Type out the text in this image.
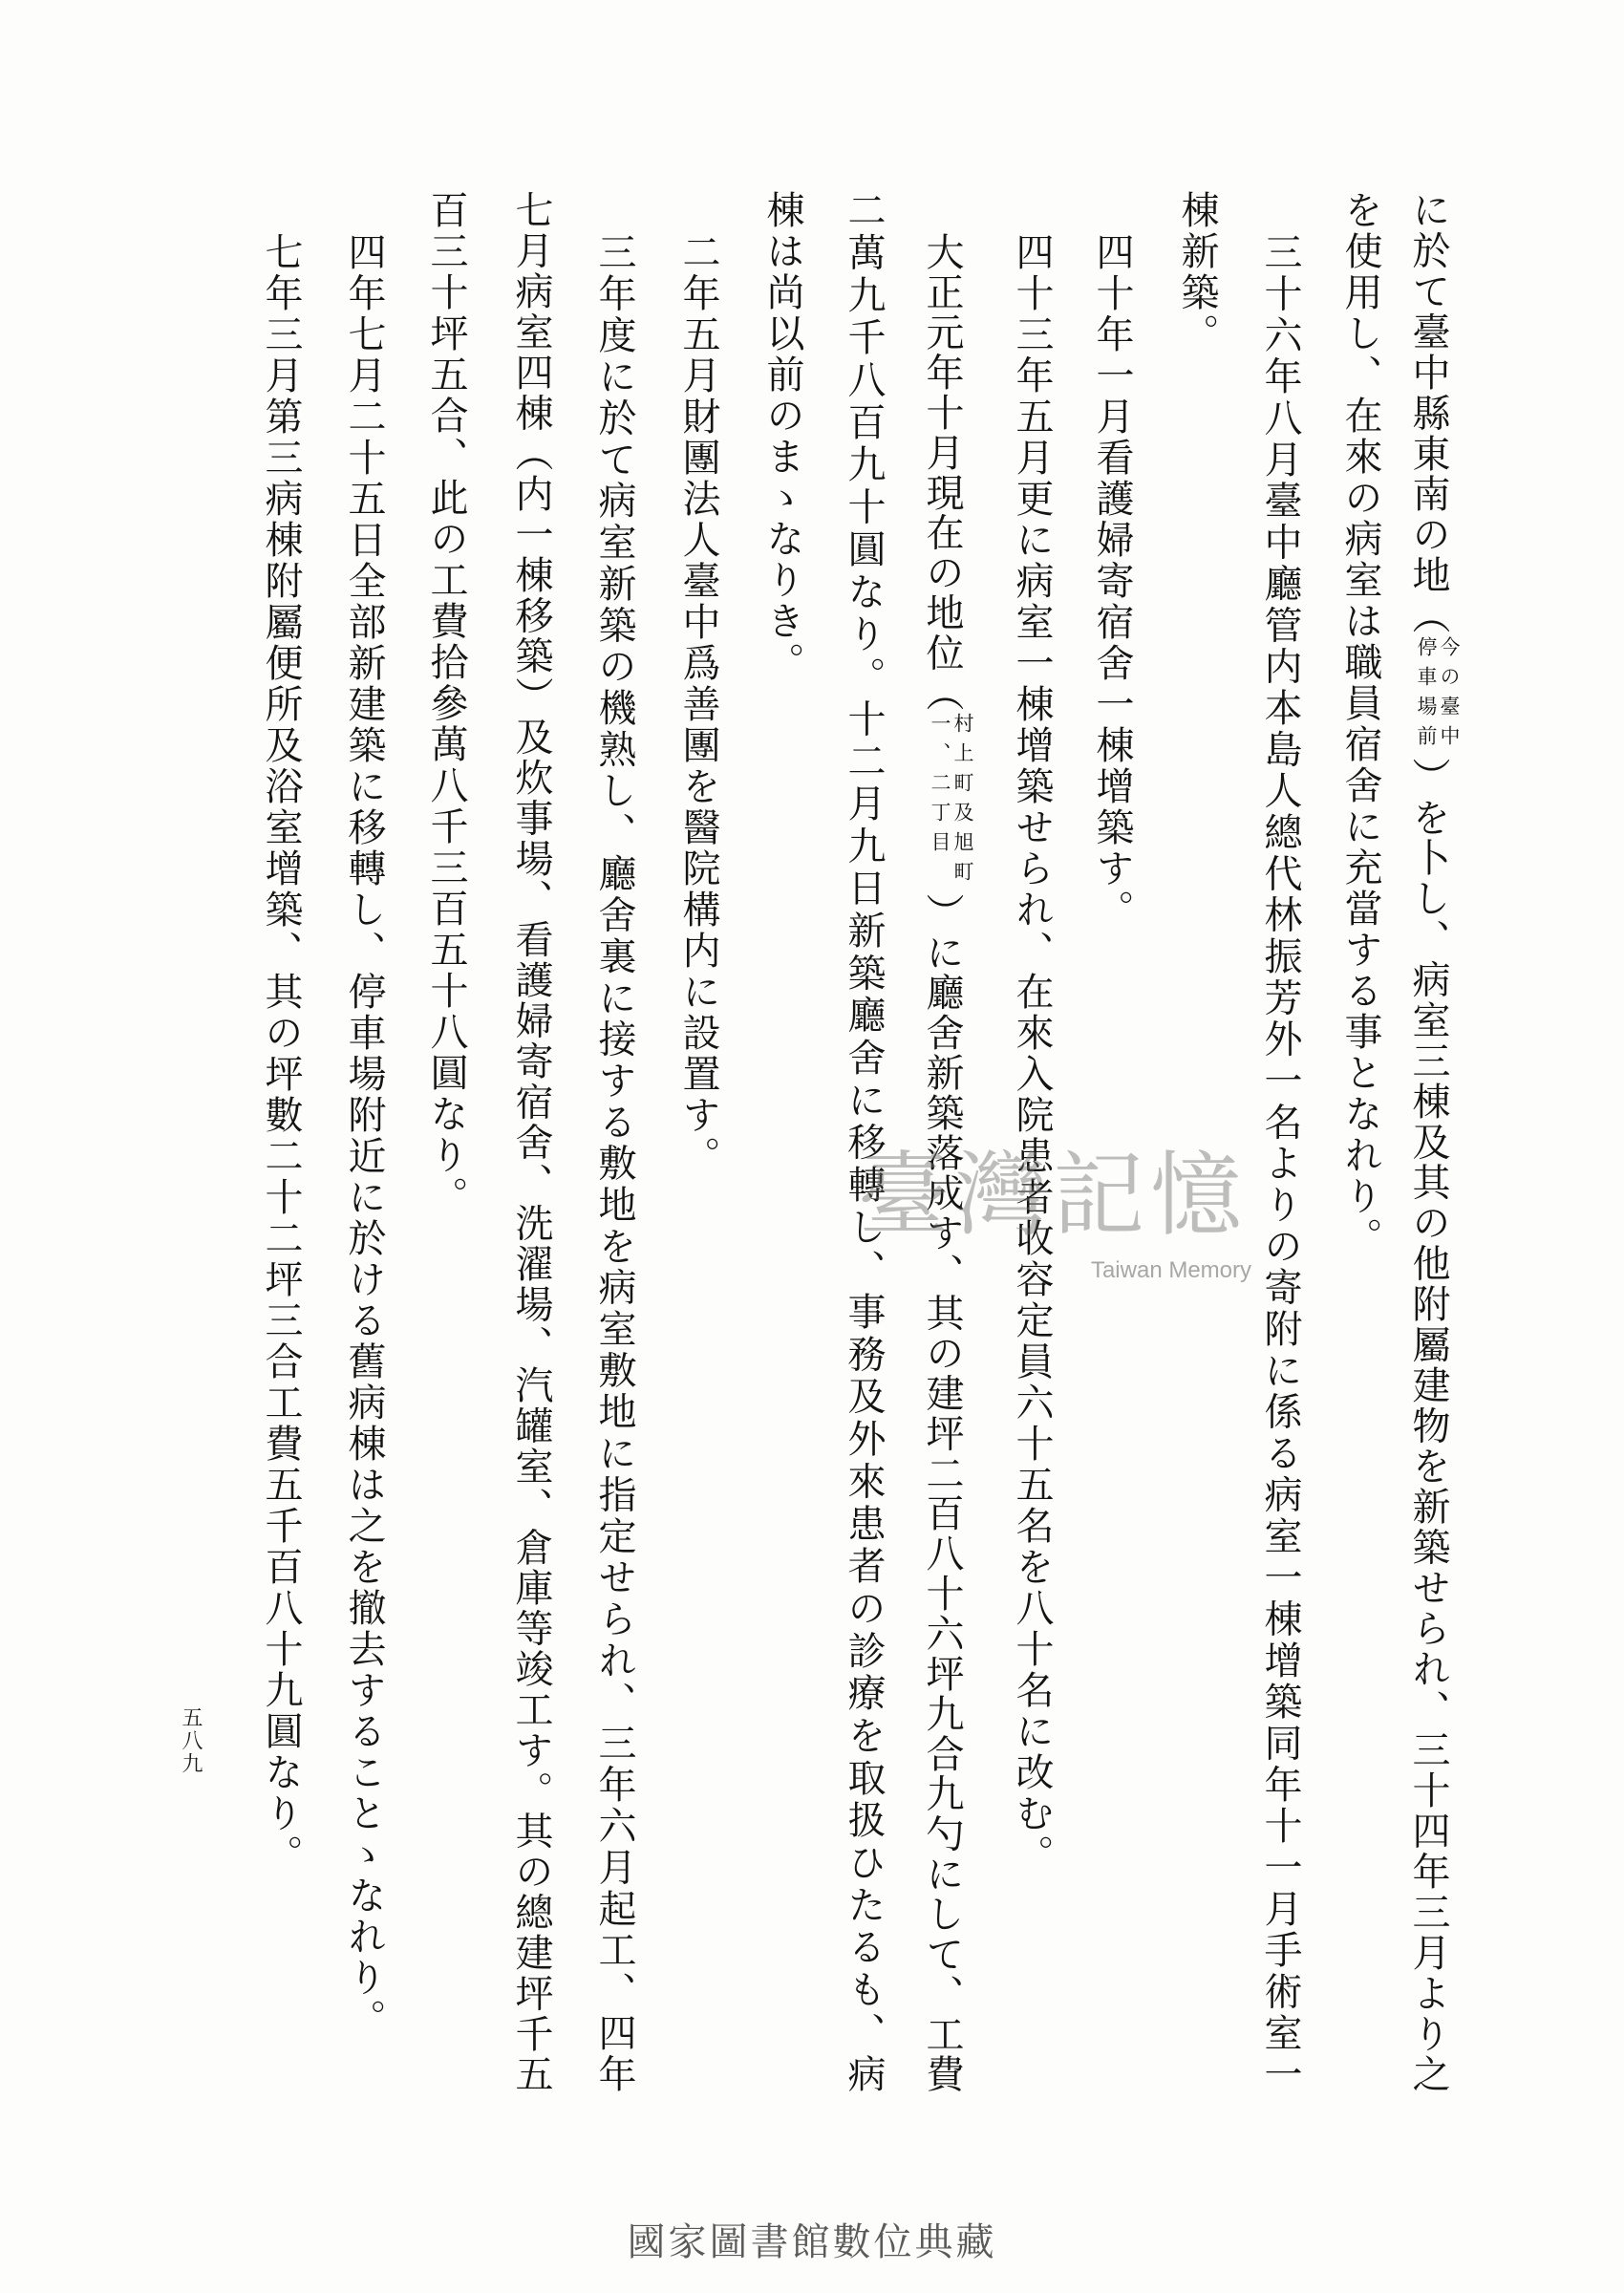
に於て臺中縣東南の地（
今の臺中
停車場前
）を卜し、病室三棟及其の他附屬建物を新築せられ、三十四年三月より之
を使用し、在來の病室は職員宿舍に充當する事となれり。
三十六年八月臺中廳管内本島人總代林振芳外一名よりの寄附に係る病室一棟增築同年十一月手術室一
棟新築。
四十年一月看護婦寄宿舍一棟增築す。
四十三年五月更に病室一棟增築せられ、在來入院患者收容定員六十五名を八十名に改む。
大正元年十月現在の地位（
村上町及旭町
一、二丁目
）に廳舍新築落成す、其の建坪二百八十六坪九合九勺にして、工費
二萬九千八百九十圓なり。十二月九日新築廳舍に移轉し、事務及外來患者の診療を取扱ひたるも、病
棟は尚以前のまゝなりき。
二年五月財團法人臺中爲善團を醫院構内に設置す。
三年度に於て病室新築の機熟し、廳舍裏に接する敷地を病室敷地に指定せられ、三年六月起工、四年
七月病室四棟（内一棟移築）及炊事場、看護婦寄宿舍、洗濯場、汽罐室、倉庫等竣工す。其の總建坪千五
百三十坪五合、此の工費拾參萬八千三百五十八圓なり。
四年七月二十五日全部新建築に移轉し、停車場附近に於ける舊病棟は之を撤去することゝなれり。
七年三月第三病棟附屬便所及浴室增築、其の坪數二十二坪三合工費五千百八十九圓なり。
五八九
臺灣記憶
Taiwan Memory
國家圖書館數位典藏
